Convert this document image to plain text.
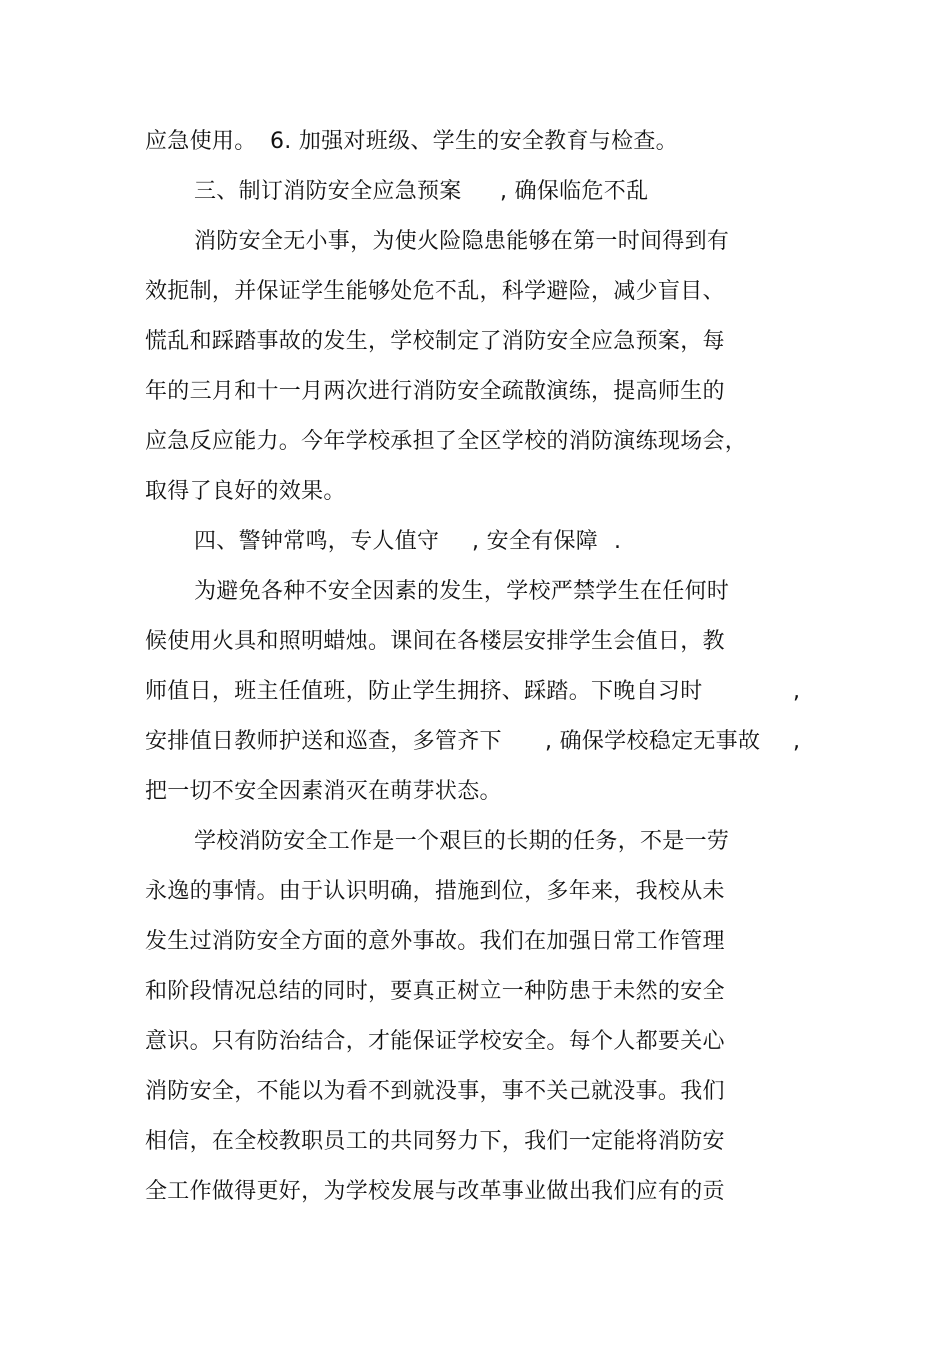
应急使用。 6. 加强对班级、学生的安全教育与检查。
三、制订消防安全应急预案 , 确保临危不乱
消防安全无小事，为使火险隐患能够在第一时间得到有
效扼制，并保证学生能够处危不乱，科学避险，减少盲目、
慌乱和踩踏事故的发生，学校制定了消防安全应急预案，每
年的三月和十一月两次进行消防安全疏散演练，提高师生的
应急反应能力。今年学校承担了全区学校的消防演练现场会，
取得了良好的效果。
四、警钟常鸣，专人值守 , 安全有保障 .
为避免各种不安全因素的发生，学校严禁学生在任何时
候使用火具和照明蜡烛。课间在各楼层安排学生会值日，教
师值日，班主任值班，防止学生拥挤、踩踏。下晚自习时	,
安排值日教师护送和巡查，多管齐下 , 确保学校稳定无事故 ,
把一切不安全因素消灭在萌芽状态。
学校消防安全工作是一个艰巨的长期的任务，不是一劳
永逸的事情。由于认识明确，措施到位，多年来，我校从未
发生过消防安全方面的意外事故。我们在加强日常工作管理
和阶段情况总结的同时，要真正树立一种防患于未然的安全
意识。只有防治结合，才能保证学校安全。每个人都要关心
消防安全，不能以为看不到就没事，事不关己就没事。我们
相信，在全校教职员工的共同努力下，我们一定能将消防安
全工作做得更好，为学校发展与改革事业做出我们应有的贡
